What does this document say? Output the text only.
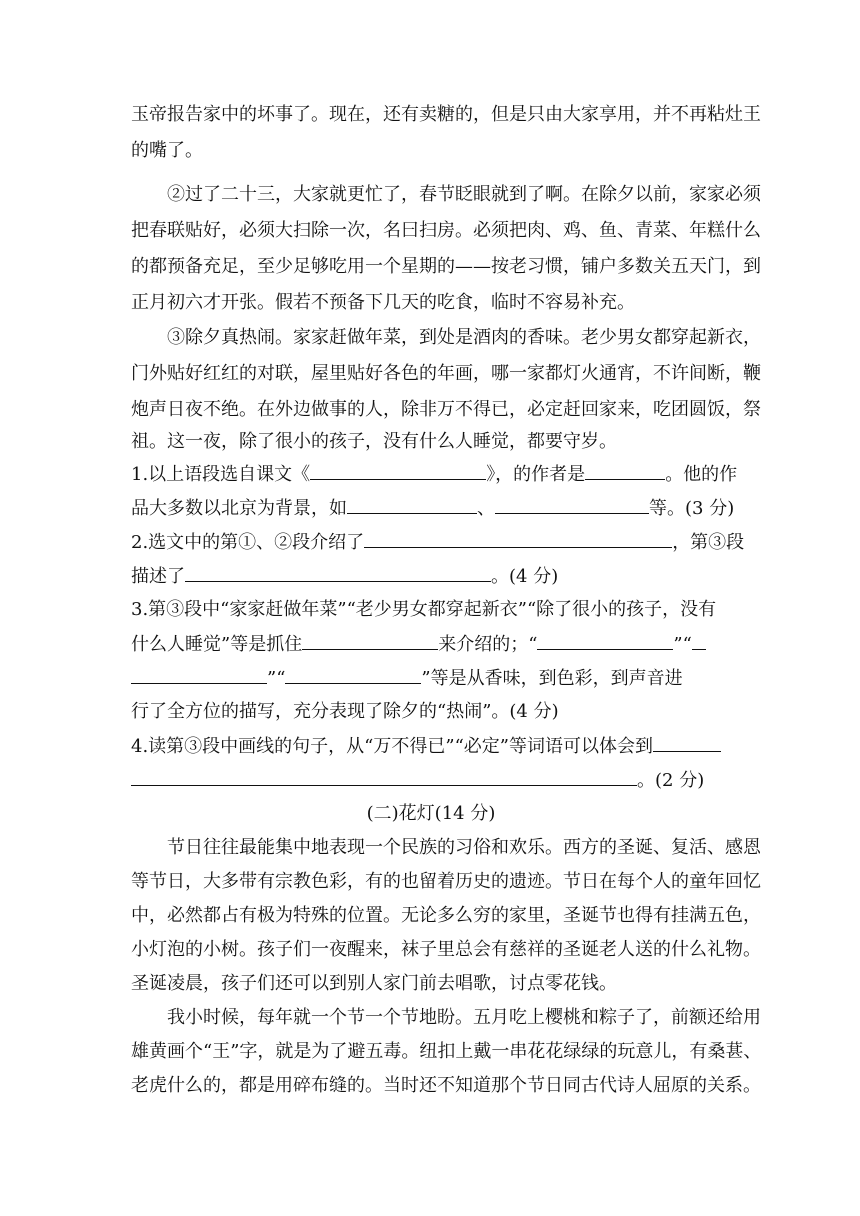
玉帝报告家中的坏事了。现在，还有卖糖的，但是只由大家享用，并不再粘灶王
的嘴了。
②过了二十三，大家就更忙了，春节眨眼就到了啊。在除夕以前，家家必须
把春联贴好，必须大扫除一次，名曰扫房。必须把肉、鸡、鱼、青菜、年糕什么
的都预备充足，至少足够吃用一个星期的——按老习惯，铺户多数关五天门，到
正月初六才开张。假若不预备下几天的吃食，临时不容易补充。
③除夕真热闹。家家赶做年菜，到处是酒肉的香味。老少男女都穿起新衣，
门外贴好红红的对联，屋里贴好各色的年画，哪一家都灯火通宵，不许间断，鞭
炮声日夜不绝。在外边做事的人，除非万不得已，必定赶回家来，吃团圆饭，祭
祖。这一夜，除了很小的孩子，没有什么人睡觉，都要守岁。
1.以上语段选自课文《	》，的作者是	。他的作
品大多数以北京为背景，如	、	等。(3 分)
2.选文中的第①、②段介绍了	，第③段
描述了	。(4 分)
3.第③段中“家家赶做年菜”“老少男女都穿起新衣”“除了很小的孩子，没有
什么人睡觉”等是抓住	来介绍的；“	”“
”“	”等是从香味，到色彩，到声音进
行了全方位的描写，充分表现了除夕的“热闹”。(4 分)
4.读第③段中画线的句子，从“万不得已”“必定”等词语可以体会到
。(2 分)
(二)花灯(14 分)
节日往往最能集中地表现一个民族的习俗和欢乐。西方的圣诞、复活、感恩
等节日，大多带有宗教色彩，有的也留着历史的遗迹。节日在每个人的童年回忆
中，必然都占有极为特殊的位置。无论多么穷的家里，圣诞节也得有挂满五色，
小灯泡的小树。孩子们一夜醒来，袜子里总会有慈祥的圣诞老人送的什么礼物。
圣诞凌晨，孩子们还可以到别人家门前去唱歌，讨点零花钱。
我小时候，每年就一个节一个节地盼。五月吃上樱桃和粽子了，前额还给用
雄黄画个“王”字，就是为了避五毒。纽扣上戴一串花花绿绿的玩意儿，有桑葚、
老虎什么的，都是用碎布缝的。当时还不知道那个节日同古代诗人屈原的关系。
